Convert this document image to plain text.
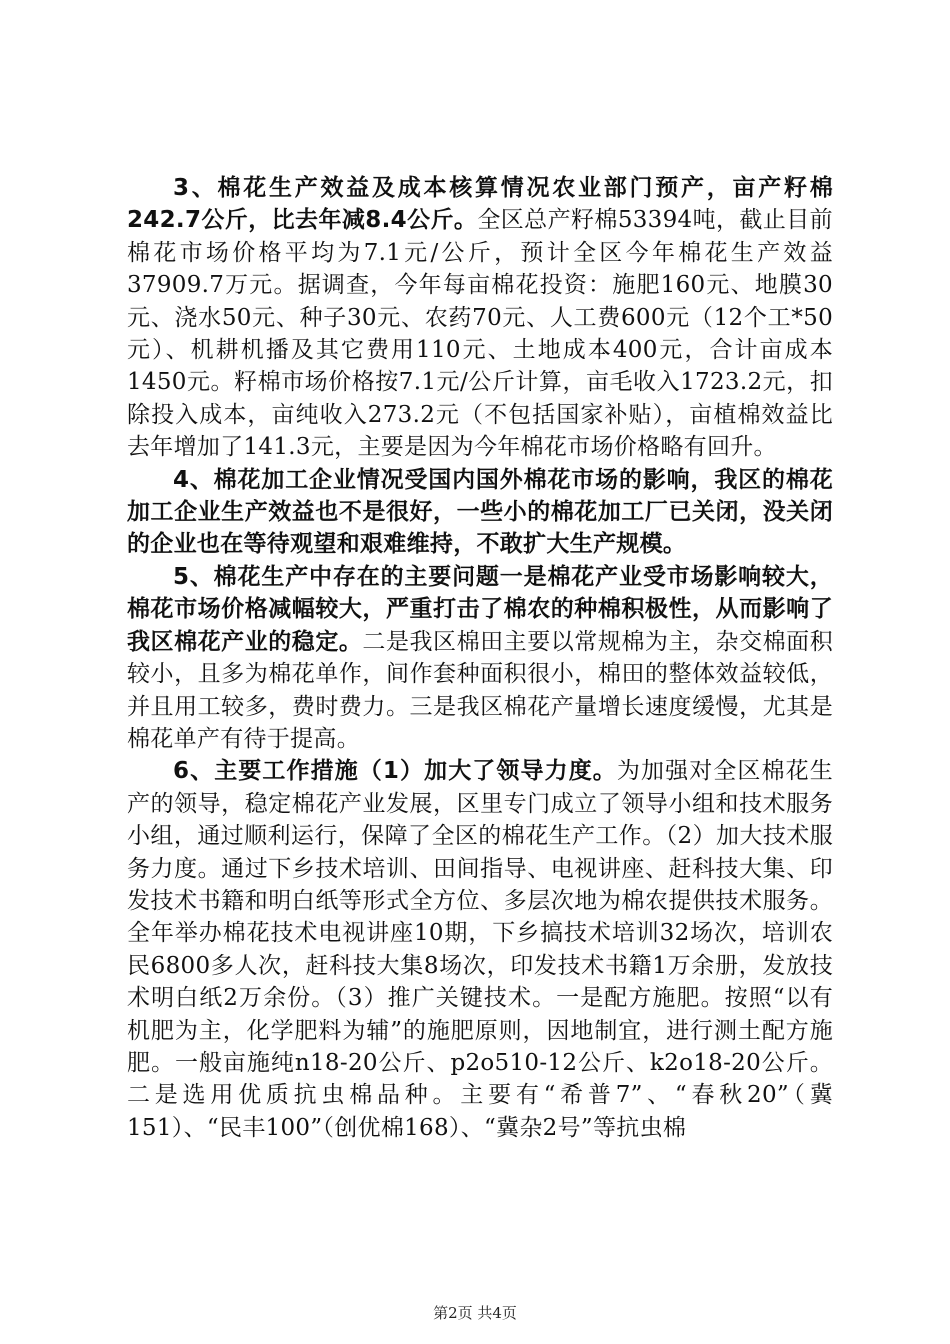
3、棉花生产效益及成本核算情况农业部门预产，亩产籽棉242.7公斤，比去年减8.4公斤。全区总产籽棉53394吨，截止目前棉花市场价格平均为7.1元/公斤，预计全区今年棉花生产效益37909.7万元。据调查，今年每亩棉花投资：施肥160元、地膜30元、浇水50元、种子30元、农药70元、人工费600元（12个工*50元）、机耕机播及其它费用110元、土地成本400元，合计亩成本1450元。籽棉市场价格按7.1元/公斤计算，亩毛收入1723.2元，扣除投入成本，亩纯收入273.2元（不包括国家补贴），亩植棉效益比去年增加了141.3元，主要是因为今年棉花市场价格略有回升。

4、棉花加工企业情况受国内国外棉花市场的影响，我区的棉花加工企业生产效益也不是很好，一些小的棉花加工厂已关闭，没关闭的企业也在等待观望和艰难维持，不敢扩大生产规模。

5、棉花生产中存在的主要问题一是棉花产业受市场影响较大，棉花市场价格减幅较大，严重打击了棉农的种棉积极性，从而影响了我区棉花产业的稳定。二是我区棉田主要以常规棉为主，杂交棉面积较小，且多为棉花单作，间作套种面积很小，棉田的整体效益较低，并且用工较多，费时费力。三是我区棉花产量增长速度缓慢，尤其是棉花单产有待于提高。

6、主要工作措施（1）加大了领导力度。为加强对全区棉花生产的领导，稳定棉花产业发展，区里专门成立了领导小组和技术服务小组，通过顺利运行，保障了全区的棉花生产工作。（2）加大技术服务力度。通过下乡技术培训、田间指导、电视讲座、赶科技大集、印发技术书籍和明白纸等形式全方位、多层次地为棉农提供技术服务。全年举办棉花技术电视讲座10期，下乡搞技术培训32场次，培训农民6800多人次，赶科技大集8场次，印发技术书籍1万余册，发放技术明白纸2万余份。（3）推广关键技术。一是配方施肥。按照“以有机肥为主，化学肥料为辅”的施肥原则，因地制宜，进行测土配方施肥。一般亩施纯n18-20公斤、p2o510-12公斤、k2o18-20公斤。二是选用优质抗虫棉品种。主要有“希普7”、“春秋20”（冀151）、“民丰100”（创优棉168）、“冀杂2号”等抗虫棉

第2页 共4页
